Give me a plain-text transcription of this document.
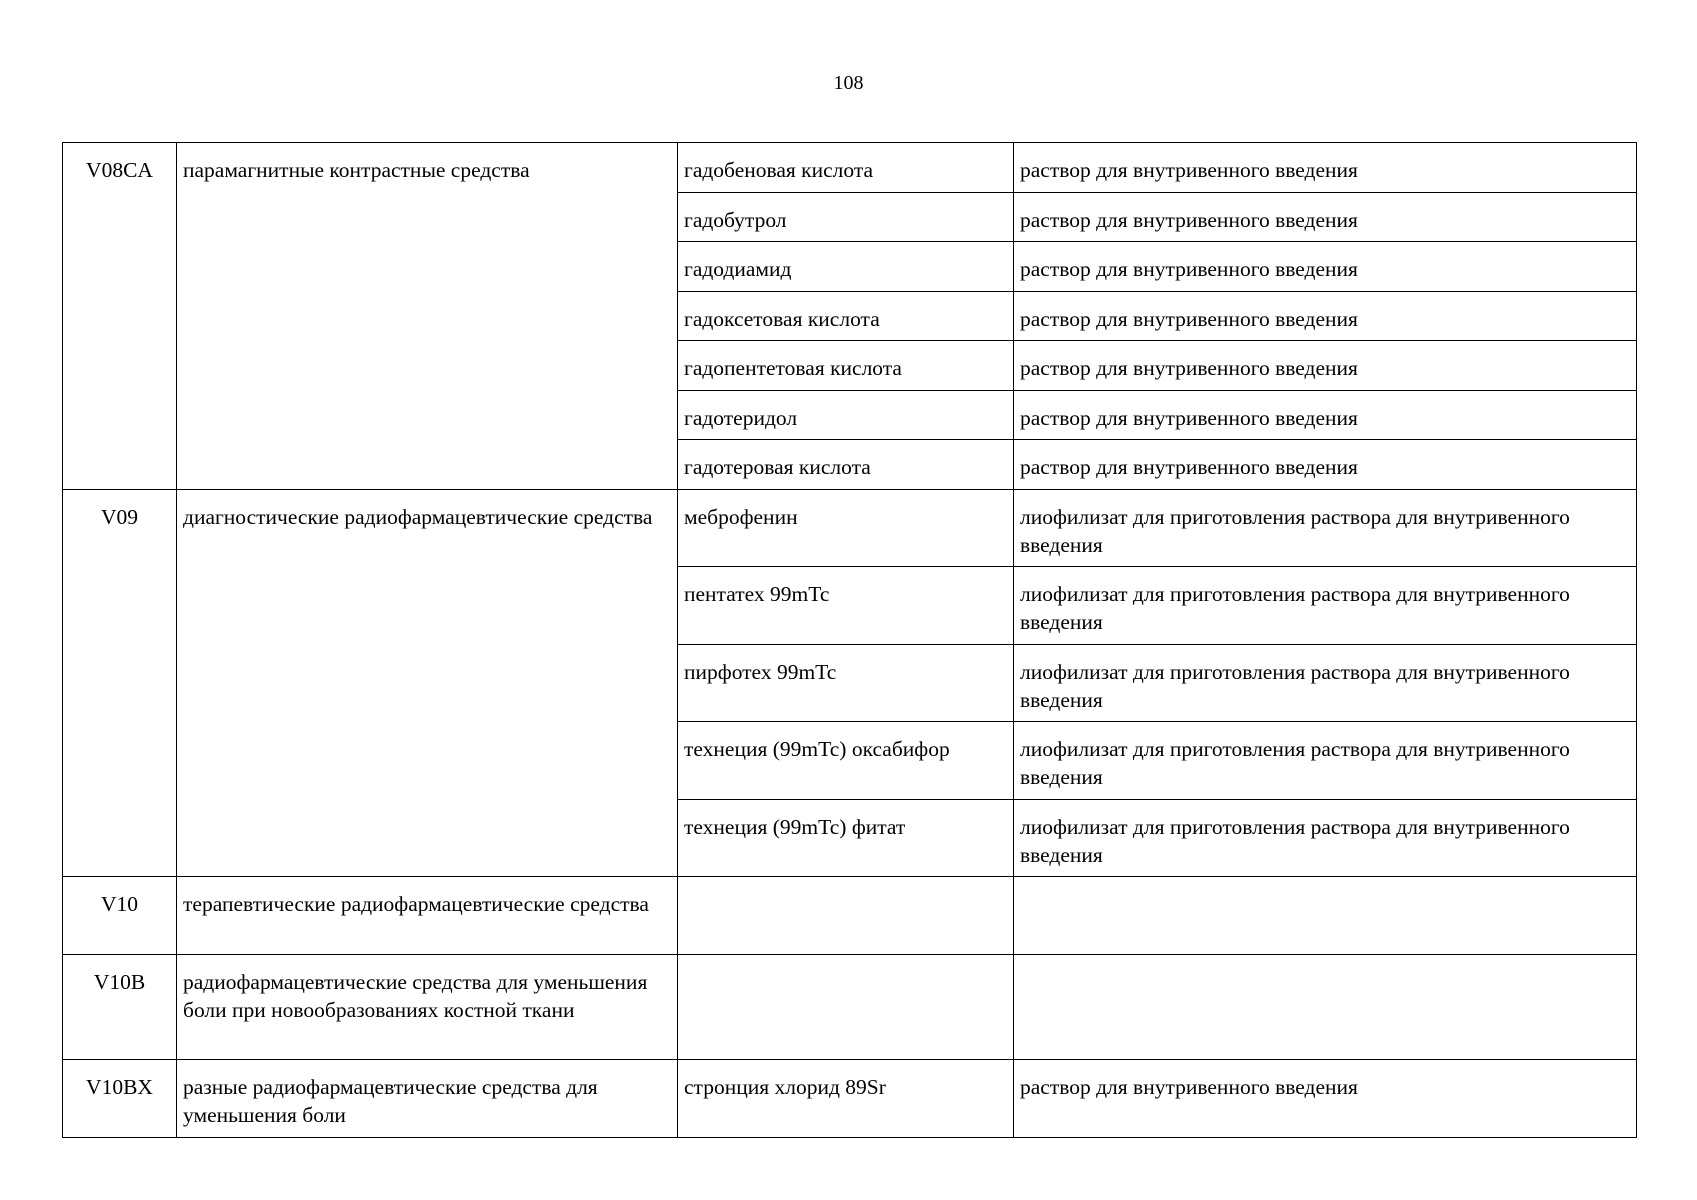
108
V08CA	парамагнитные контрастные средства	гадобеновая кислота	раствор для внутривенного введения
		гадобутрол	раствор для внутривенного введения
		гадодиамид	раствор для внутривенного введения
		гадоксетовая кислота	раствор для внутривенного введения
		гадопентетовая кислота	раствор для внутривенного введения
		гадотеридол	раствор для внутривенного введения
		гадотеровая кислота	раствор для внутривенного введения
V09	диагностические радиофармацевтические средства	меброфенин	лиофилизат для приготовления раствора для внутривенного введения
		пентатех 99mTc	лиофилизат для приготовления раствора для внутривенного введения
		пирфотех 99mTc	лиофилизат для приготовления раствора для внутривенного введения
		технеция (99mTc) оксабифор	лиофилизат для приготовления раствора для внутривенного введения
		технеция (99mTc) фитат	лиофилизат для приготовления раствора для внутривенного введения
V10	терапевтические радиофармацевтические средства		
V10B	радиофармацевтические средства для уменьшения боли при новообразованиях костной ткани		
V10BX	разные радиофармацевтические средства для уменьшения боли	стронция хлорид 89Sr	раствор для внутривенного введения
